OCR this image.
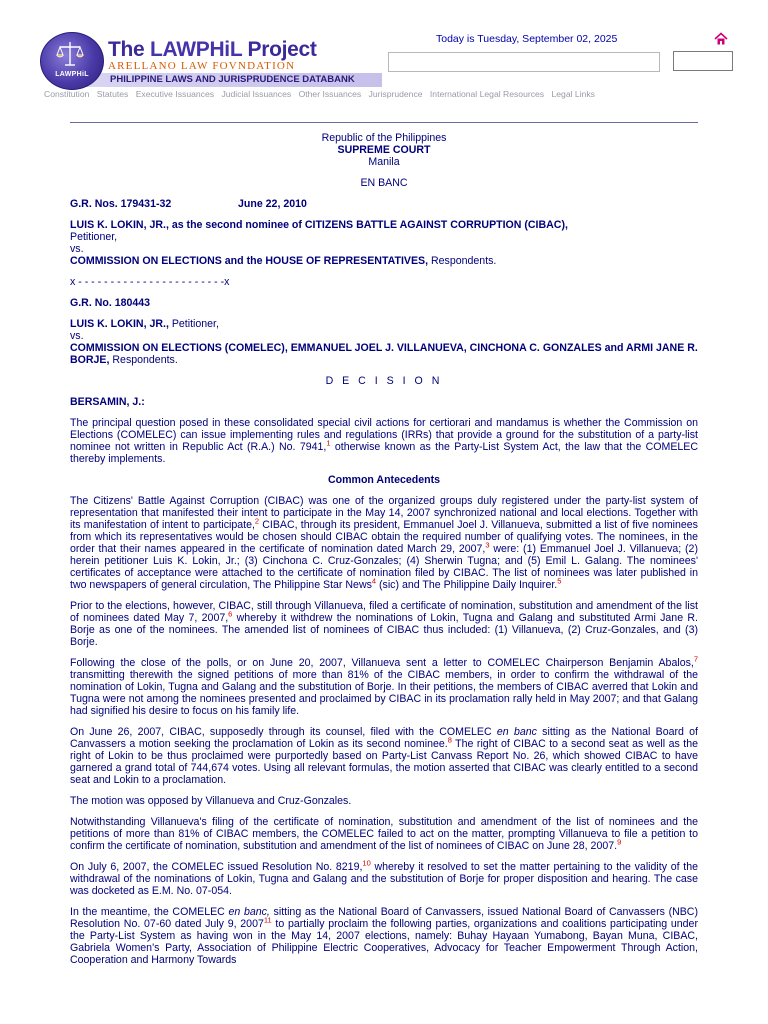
PHILIPPINE LAWS AND JURISPRUDENCE DATABANK
LAWPHiL
The LAWPHiL Project
ARELLANO LAW FOVNDATION
Today is Tuesday, September 02, 2025
Constitution Statutes Executive Issuances Judicial Issuances Other Issuances Jurisprudence International Legal Resources Legal Links
Republic of the Philippines
SUPREME COURT
Manila
EN BANC
G.R. Nos. 179431-32	June 22, 2010
LUIS K. LOKIN, JR., as the second nominee of CITIZENS BATTLE AGAINST CORRUPTION (CIBAC),
Petitioner,
vs.
COMMISSION ON ELECTIONS and the HOUSE OF REPRESENTATIVES, Respondents.
x - - - - - - - - - - - - - - - - - - - - - - -x
G.R. No. 180443
LUIS K. LOKIN, JR., Petitioner,
vs.
COMMISSION ON ELECTIONS (COMELEC), EMMANUEL JOEL J. VILLANUEVA, CINCHONA C. GONZALES and ARMI JANE R. BORJE, Respondents.
D E C I S I O N
BERSAMIN, J.:

The principal question posed in these consolidated special civil actions for certiorari and mandamus is whether the Commission on Elections (COMELEC) can issue implementing rules and regulations (IRRs) that provide a ground for the substitution of a party-list nominee not written in Republic Act (R.A.) No. 7941,$^1$ otherwise known as the Party-List System Act, the law that the COMELEC thereby implements.

Common Antecedents

The Citizens' Battle Against Corruption (CIBAC) was one of the organized groups duly registered under the party-list system of representation that manifested their intent to participate in the May 14, 2007 synchronized national and local elections. Together with its manifestation of intent to participate,$^2$ CIBAC, through its president, Emmanuel Joel J. Villanueva, submitted a list of five nominees from which its representatives would be chosen should CIBAC obtain the required number of qualifying votes. The nominees, in the order that their names appeared in the certificate of nomination dated March 29, 2007,$^3$ were: (1) Emmanuel Joel J. Villanueva; (2) herein petitioner Luis K. Lokin, Jr.; (3) Cinchona C. Cruz-Gonzales; (4) Sherwin Tugna; and (5) Emil L. Galang. The nominees' certificates of acceptance were attached to the certificate of nomination filed by CIBAC. The list of nominees was later published in two newspapers of general circulation, The Philippine Star News$^4$ (sic) and The Philippine Daily Inquirer.$^5$

Prior to the elections, however, CIBAC, still through Villanueva, filed a certificate of nomination, substitution and amendment of the list of nominees dated May 7, 2007,$^6$ whereby it withdrew the nominations of Lokin, Tugna and Galang and substituted Armi Jane R. Borje as one of the nominees. The amended list of nominees of CIBAC thus included: (1) Villanueva, (2) Cruz-Gonzales, and (3) Borje.

Following the close of the polls, or on June 20, 2007, Villanueva sent a letter to COMELEC Chairperson Benjamin Abalos,$^7$ transmitting therewith the signed petitions of more than 81% of the CIBAC members, in order to confirm the withdrawal of the nomination of Lokin, Tugna and Galang and the substitution of Borje. In their petitions, the members of CIBAC averred that Lokin and Tugna were not among the nominees presented and proclaimed by CIBAC in its proclamation rally held in May 2007; and that Galang had signified his desire to focus on his family life.

On June 26, 2007, CIBAC, supposedly through its counsel, filed with the COMELEC en banc sitting as the National Board of Canvassers a motion seeking the proclamation of Lokin as its second nominee.$^8$ The right of CIBAC to a second seat as well as the right of Lokin to be thus proclaimed were purportedly based on Party-List Canvass Report No. 26, which showed CIBAC to have garnered a grand total of 744,674 votes. Using all relevant formulas, the motion asserted that CIBAC was clearly entitled to a second seat and Lokin to a proclamation.

The motion was opposed by Villanueva and Cruz-Gonzales.

Notwithstanding Villanueva's filing of the certificate of nomination, substitution and amendment of the list of nominees and the petitions of more than 81% of CIBAC members, the COMELEC failed to act on the matter, prompting Villanueva to file a petition to confirm the certificate of nomination, substitution and amendment of the list of nominees of CIBAC on June 28, 2007.$^9$

On July 6, 2007, the COMELEC issued Resolution No. 8219,10 whereby it resolved to set the matter pertaining to the validity of the withdrawal of the nominations of Lokin, Tugna and Galang and the substitution of Borje for proper disposition and hearing. The case was docketed as E.M. No. 07-054.

In the meantime, the COMELEC en banc, sitting as the National Board of Canvassers, issued National Board of Canvassers (NBC) Resolution No. 07-60 dated July 9, 2007$^{11}$ to partially proclaim the following parties, organizations and coalitions participating under the Party-List System as having won in the May 14, 2007 elections, namely: Buhay Hayaan Yumabong, Bayan Muna, CIBAC, Gabriela Women's Party, Association of Philippine Electric Cooperatives, Advocacy for Teacher Empowerment Through Action, Cooperation and Harmony Towards
